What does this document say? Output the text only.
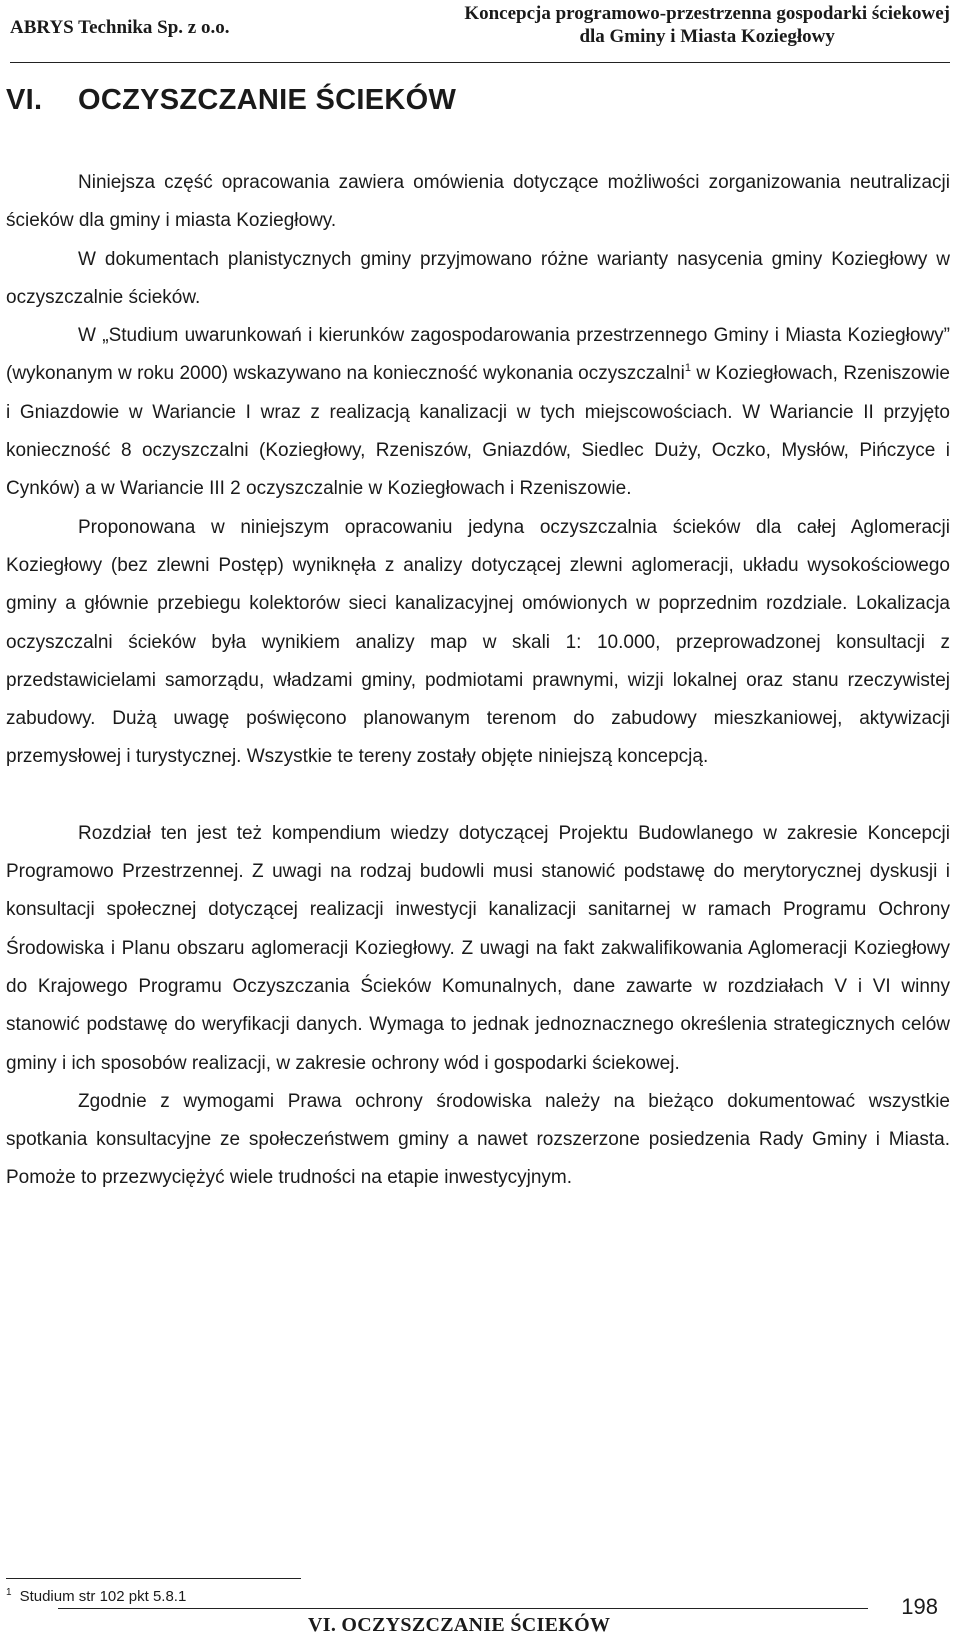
ABRYS Technika Sp. z o.o.
Koncepcja programowo-przestrzenna gospodarki ściekowej
dla Gminy i Miasta Koziegłowy
VI. OCZYSZCZANIE ŚCIEKÓW

Niniejsza część opracowania zawiera omówienia dotyczące możliwości zorganizowania neutralizacji ścieków dla gminy i miasta Koziegłowy.

W dokumentach planistycznych gminy przyjmowano różne warianty nasycenia gminy Koziegłowy w oczyszczalnie ścieków.

W „Studium uwarunkowań i kierunków zagospodarowania przestrzennego Gminy i Miasta Koziegłowy” (wykonanym w roku 2000) wskazywano na konieczność wykonania oczyszczalni$^1$ w Koziegłowach, Rzeniszowie i Gniazdowie w Wariancie I wraz z realizacją kanalizacji w tych miejscowościach. W Wariancie II przyjęto konieczność 8 oczyszczalni (Koziegłowy, Rzeniszów, Gniazdów, Siedlec Duży, Oczko, Mysłów, Pińczyce i Cynków) a w Wariancie III 2 oczyszczalnie w Koziegłowach i Rzeniszowie.

Proponowana w niniejszym opracowaniu jedyna oczyszczalnia ścieków dla całej Aglomeracji Koziegłowy (bez zlewni Postęp) wyniknęła z analizy dotyczącej zlewni aglomeracji, układu wysokościowego gminy a głównie przebiegu kolektorów sieci kanalizacyjnej omówionych w poprzednim rozdziale. Lokalizacja oczyszczalni ścieków była wynikiem analizy map w skali 1: 10.000, przeprowadzonej konsultacji z przedstawicielami samorządu, władzami gminy, podmiotami prawnymi, wizji lokalnej oraz stanu rzeczywistej zabudowy. Dużą uwagę poświęcono planowanym terenom do zabudowy mieszkaniowej, aktywizacji przemysłowej i turystycznej. Wszystkie te tereny zostały objęte niniejszą koncepcją.

Rozdział ten jest też kompendium wiedzy dotyczącej Projektu Budowlanego w zakresie Koncepcji Programowo Przestrzennej. Z uwagi na rodzaj budowli musi stanowić podstawę do merytorycznej dyskusji i konsultacji społecznej dotyczącej realizacji inwestycji kanalizacji sanitarnej w ramach Programu Ochrony Środowiska i Planu obszaru aglomeracji Koziegłowy. Z uwagi na fakt zakwalifikowania Aglomeracji Koziegłowy do Krajowego Programu Oczyszczania Ścieków Komunalnych, dane zawarte w rozdziałach V i VI winny stanowić podstawę do weryfikacji danych. Wymaga to jednak jednoznacznego określenia strategicznych celów gminy i ich sposobów realizacji, w zakresie ochrony wód i gospodarki ściekowej.

Zgodnie z wymogami Prawa ochrony środowiska należy na bieżąco dokumentować wszystkie spotkania konsultacyjne ze społeczeństwem gminy a nawet rozszerzone posiedzenia Rady Gminy i Miasta. Pomoże to przezwyciężyć wiele trudności na etapie inwestycyjnym.

$^1$ Studium str 102 pkt 5.8.1
VI. OCZYSZCZANIE ŚCIEKÓW
198
